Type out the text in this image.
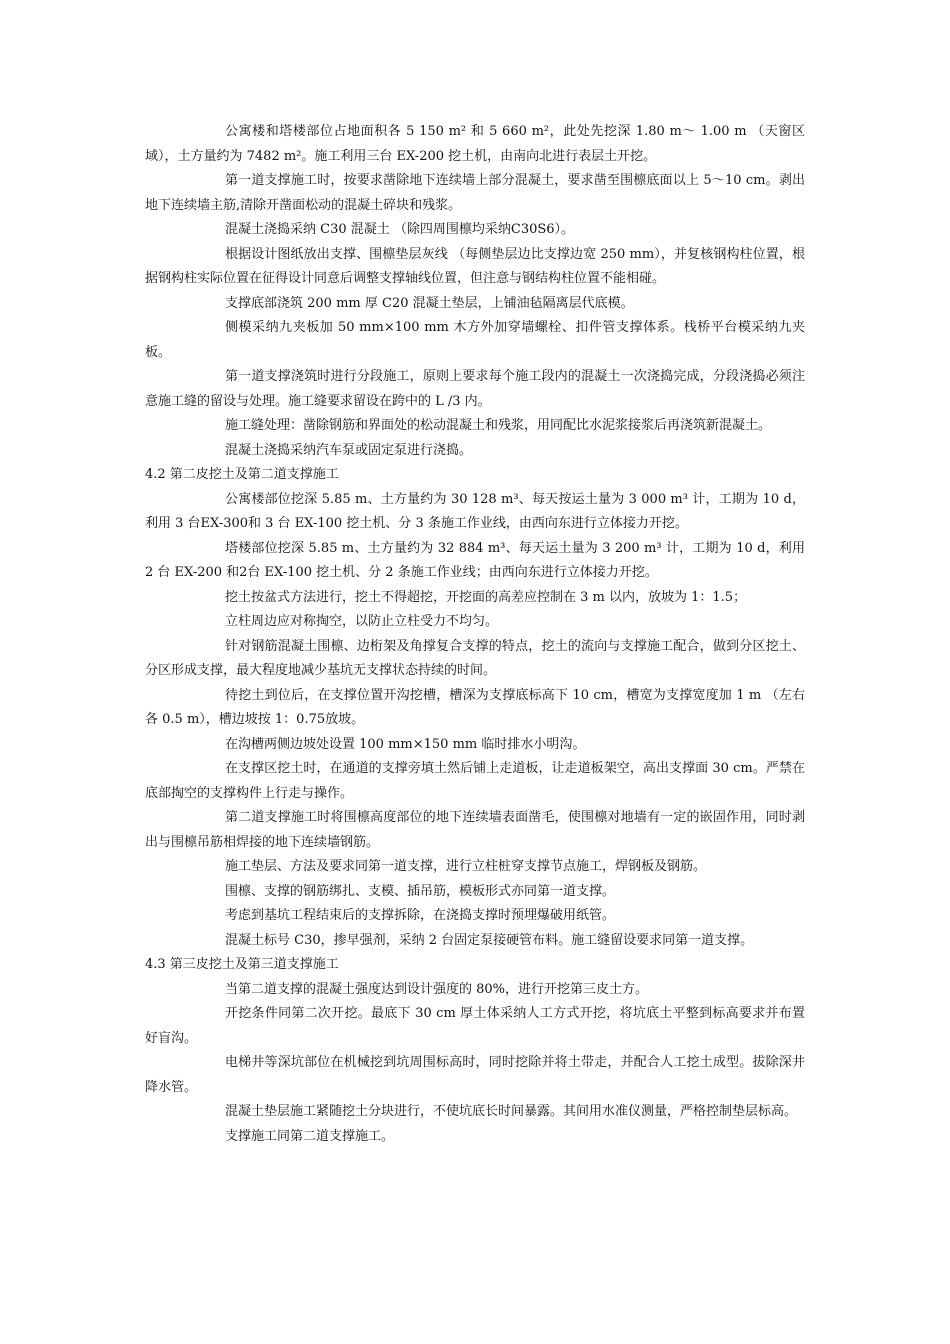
公寓楼和塔楼部位占地面积各 5 150 m² 和 5 660 m²，此处先挖深 1.80 m～ 1.00 m （天窗区域），土方量约为 7482 m²。施工利用三台 EX-200 挖土机，由南向北进行表层土开挖。

第一道支撑施工时，按要求凿除地下连续墙上部分混凝土，要求凿至围檩底面以上 5～10 cm。剥出地下连续墙主筋,清除开凿面松动的混凝土碎块和残浆。

混凝土浇捣采纳 C30 混凝土 （除四周围檩均采纳C30S6）。

根据设计图纸放出支撑、围檩垫层灰线 （每侧垫层边比支撑边宽 250 mm），并复核钢构柱位置，根据钢构柱实际位置在征得设计同意后调整支撑轴线位置，但注意与钢结构柱位置不能相碰。

支撑底部浇筑 200 mm 厚 C20 混凝土垫层，上铺油毡隔离层代底模。

侧模采纳九夹板加 50 mm×100 mm 木方外加穿墙螺栓、扣件管支撑体系。栈桥平台模采纳九夹板。

第一道支撑浇筑时进行分段施工，原则上要求每个施工段内的混凝土一次浇捣完成，分段浇捣必须注意施工缝的留设与处理。施工缝要求留设在跨中的 L /3 内。

施工缝处理：凿除钢筋和界面处的松动混凝土和残浆，用同配比水泥浆接浆后再浇筑新混凝土。

混凝土浇捣采纳汽车泵或固定泵进行浇捣。

4.2 第二皮挖土及第二道支撑施工

公寓楼部位挖深 5.85 m、土方量约为 30 128 m³、每天按运土量为 3 000 m³ 计，工期为 10 d，利用 3 台EX-300和 3 台 EX-100 挖土机、分 3 条施工作业线，由西向东进行立体接力开挖。

塔楼部位挖深 5.85 m、土方量约为 32 884 m³、每天运土量为 3 200 m³ 计，工期为 10 d，利用 2 台 EX-200 和2台 EX-100 挖土机、分 2 条施工作业线；由西向东进行立体接力开挖。

挖土按盆式方法进行，挖土不得超挖，开挖面的高差应控制在 3 m 以内，放坡为 1：1.5；

立柱周边应对称掏空，以防止立柱受力不均匀。

针对钢筋混凝土围檩、边桁架及角撑复合支撑的特点，挖土的流向与支撑施工配合，做到分区挖土、分区形成支撑，最大程度地减少基坑无支撑状态持续的时间。

待挖土到位后，在支撑位置开沟挖槽，槽深为支撑底标高下 10 cm，槽宽为支撑宽度加 1 m （左右各 0.5 m），槽边坡按 1：0.75放坡。

在沟槽两侧边坡处设置 100 mm×150 mm 临时排水小明沟。

在支撑区挖土时，在通道的支撑旁填土然后铺上走道板，让走道板架空，高出支撑面 30 cm。严禁在底部掏空的支撑构件上行走与操作。

第二道支撑施工时将围檩高度部位的地下连续墙表面凿毛，使围檩对地墙有一定的嵌固作用，同时剥出与围檩吊筋相焊接的地下连续墙钢筋。

施工垫层、方法及要求同第一道支撑，进行立柱桩穿支撑节点施工，焊钢板及钢筋。

围檩、支撑的钢筋绑扎、支模、插吊筋，模板形式亦同第一道支撑。

考虑到基坑工程结束后的支撑拆除，在浇捣支撑时预埋爆破用纸管。

混凝土标号 C30，掺早强剂，采纳 2 台固定泵接硬管布料。施工缝留设要求同第一道支撑。

4.3 第三皮挖土及第三道支撑施工

当第二道支撑的混凝土强度达到设计强度的 80%，进行开挖第三皮土方。

开挖条件同第二次开挖。最底下 30 cm 厚土体采纳人工方式开挖，将坑底土平整到标高要求并布置好盲沟。

电梯井等深坑部位在机械挖到坑周围标高时，同时挖除并将土带走，并配合人工挖土成型。拔除深井降水管。

混凝土垫层施工紧随挖土分块进行，不使坑底长时间暴露。其间用水准仪测量，严格控制垫层标高。

支撑施工同第二道支撑施工。
